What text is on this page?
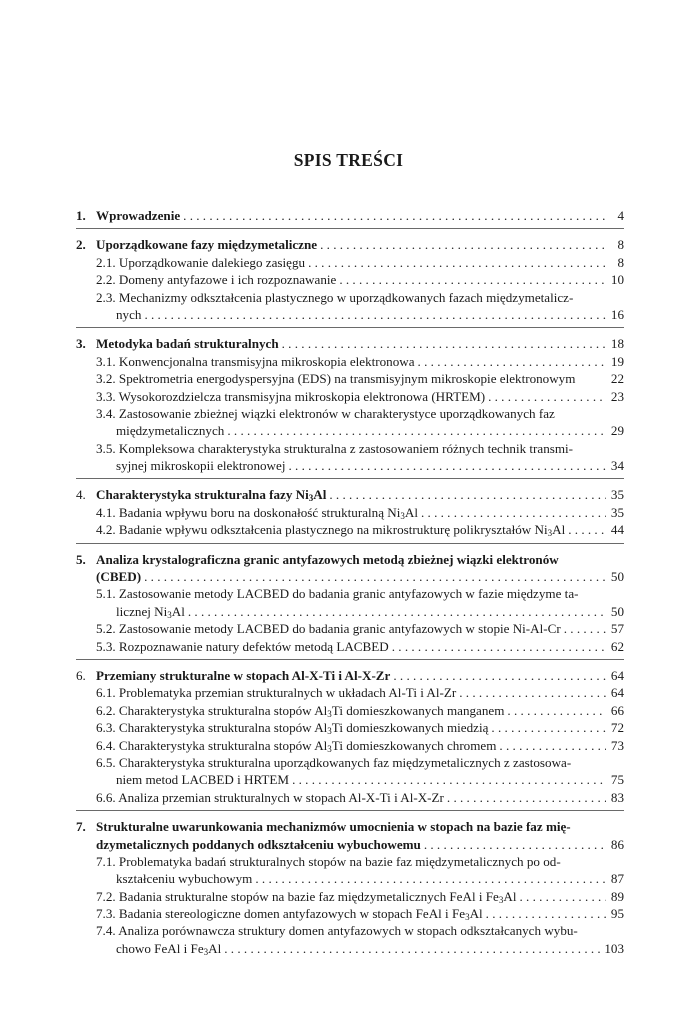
SPIS TREŚCI
1. Wprowadzenie . . .	4
2. Uporządkowane fazy międzymetaliczne . . .	8
2.1. Uporządkowanie dalekiego zasięgu . . .	8
2.2. Domeny antyfazowe i ich rozpoznawanie . . .	10
2.3. Mechanizmy odkształcenia plastycznego w uporządkowanych fazach międzymetalicz-
nych . . .	16
3. Metodyka badań strukturalnych . . .	18
3.1. Konwencjonalna transmisyjna mikroskopia elektronowa . . .	19
3.2. Spektrometria energodyspersyjna (EDS) na transmisyjnym mikroskopie elektronowym	22
3.3. Wysokorozdzielcza transmisyjna mikroskopia elektronowa (HRTEM) . . .	23
3.4. Zastosowanie zbieżnej wiązki elektronów w charakterystyce uporządkowanych faz
międzymetalicznych . . .	29
3.5. Kompleksowa charakterystyka strukturalna z zastosowaniem różnych technik transmi-
syjnej mikroskopii elektronowej . . .	34
4. Charakterystyka strukturalna fazy $Ni_3Al$ . . .	35
4.1. Badania wpływu boru na doskonałość strukturalną $Ni_3Al$ . . .	35
4.2. Badanie wpływu odkształcenia plastycznego na mikrostrukturę polikryształów $Ni_3Al$ . . .	44
5. Analiza krystalograficzna granic antyfazowych metodą zbieżnej wiązki elektronów
(CBED) . . .	50
5.1. Zastosowanie metody LACBED do badania granic antyfazowych w fazie międzyme ta-
licznej $Ni_3Al$ . . .	50
5.2. Zastosowanie metody LACBED do badania granic antyfazowych w stopie Ni-Al-Cr . . .	57
5.3. Rozpoznawanie natury defektów metodą LACBED . . .	62
6. Przemiany strukturalne w stopach Al-X-Ti i Al-X-Zr . . .	64
6.1. Problematyka przemian strukturalnych w układach Al-Ti i Al-Zr . . .	64
6.2. Charakterystyka strukturalna stopów $Al_3Ti$ domieszkowanych manganem . . .	66
6.3. Charakterystyka strukturalna stopów $Al_3Ti$ domieszkowanych miedzią . . .	72
6.4. Charakterystyka strukturalna stopów $Al_3Ti$ domieszkowanych chromem . . .	73
6.5. Charakterystyka strukturalna uporządkowanych faz międzymetalicznych z zastosowa-
niem metod LACBED i HRTEM . . .	75
6.6. Analiza przemian strukturalnych w stopach Al-X-Ti i Al-X-Zr . . .	83
7. Strukturalne uwarunkowania mechanizmów umocnienia w stopach na bazie faz mię-
dzymetalicznych poddanych odkształceniu wybuchowemu . . .	86
7.1. Problematyka badań strukturalnych stopów na bazie faz międzymetalicznych po od-
kształceniu wybuchowym . . .	87
7.2. Badania strukturalne stopów na bazie faz międzymetalicznych FeAl i $Fe_3Al$ . . .	89
7.3. Badania stereologiczne domen antyfazowych w stopach FeAl i $Fe_3Al$ . . .	95
7.4. Analiza porównawcza struktury domen antyfazowych w stopach odkształcanych wybu-
chowo FeAl i $Fe_3Al$ . . .	103
